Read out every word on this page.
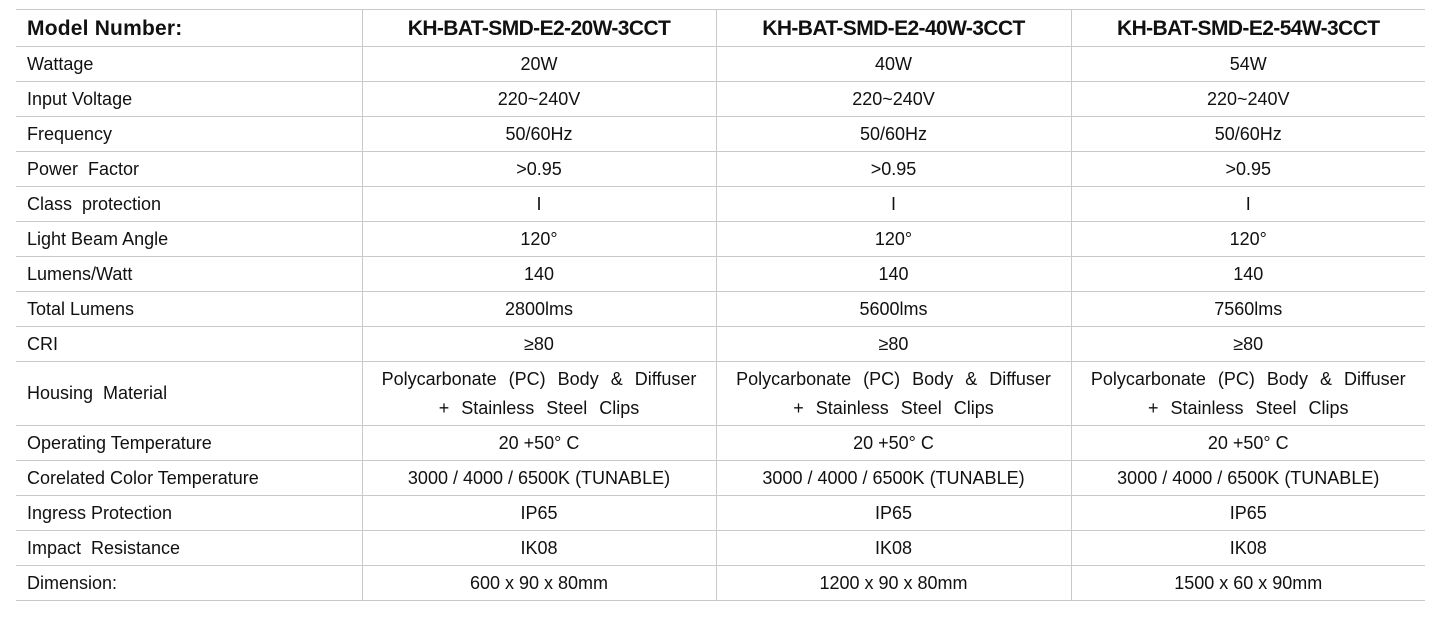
Model Number:	KH-BAT-SMD-E2-20W-3CCT	KH-BAT-SMD-E2-40W-3CCT	KH-BAT-SMD-E2-54W-3CCT
Wattage	20W	40W	54W
Input Voltage	220~240V	220~240V	220~240V
Frequency	50/60Hz	50/60Hz	50/60Hz
Power  Factor	>0.95	>0.95	>0.95
Class  protection	I	I	I
Light Beam Angle	120°	120°	120°
Lumens/Watt	140	140	140
Total Lumens	2800lms	5600lms	7560lms
CRI	≥80	≥80	≥80
Housing  Material	Polycarbonate (PC) Body & Diffuser + Stainless Steel Clips	Polycarbonate (PC) Body & Diffuser + Stainless Steel Clips	Polycarbonate (PC) Body & Diffuser + Stainless Steel Clips
Operating Temperature	20 +50° C	20 +50° C	20 +50° C
Corelated Color Temperature	3000 / 4000 / 6500K (TUNABLE)	3000 / 4000 / 6500K (TUNABLE)	3000 / 4000 / 6500K (TUNABLE)
Ingress Protection	IP65	IP65	IP65
Impact  Resistance	IK08	IK08	IK08
Dimension:	600 x 90 x 80mm	1200 x 90 x 80mm	1500 x 60 x 90mm
